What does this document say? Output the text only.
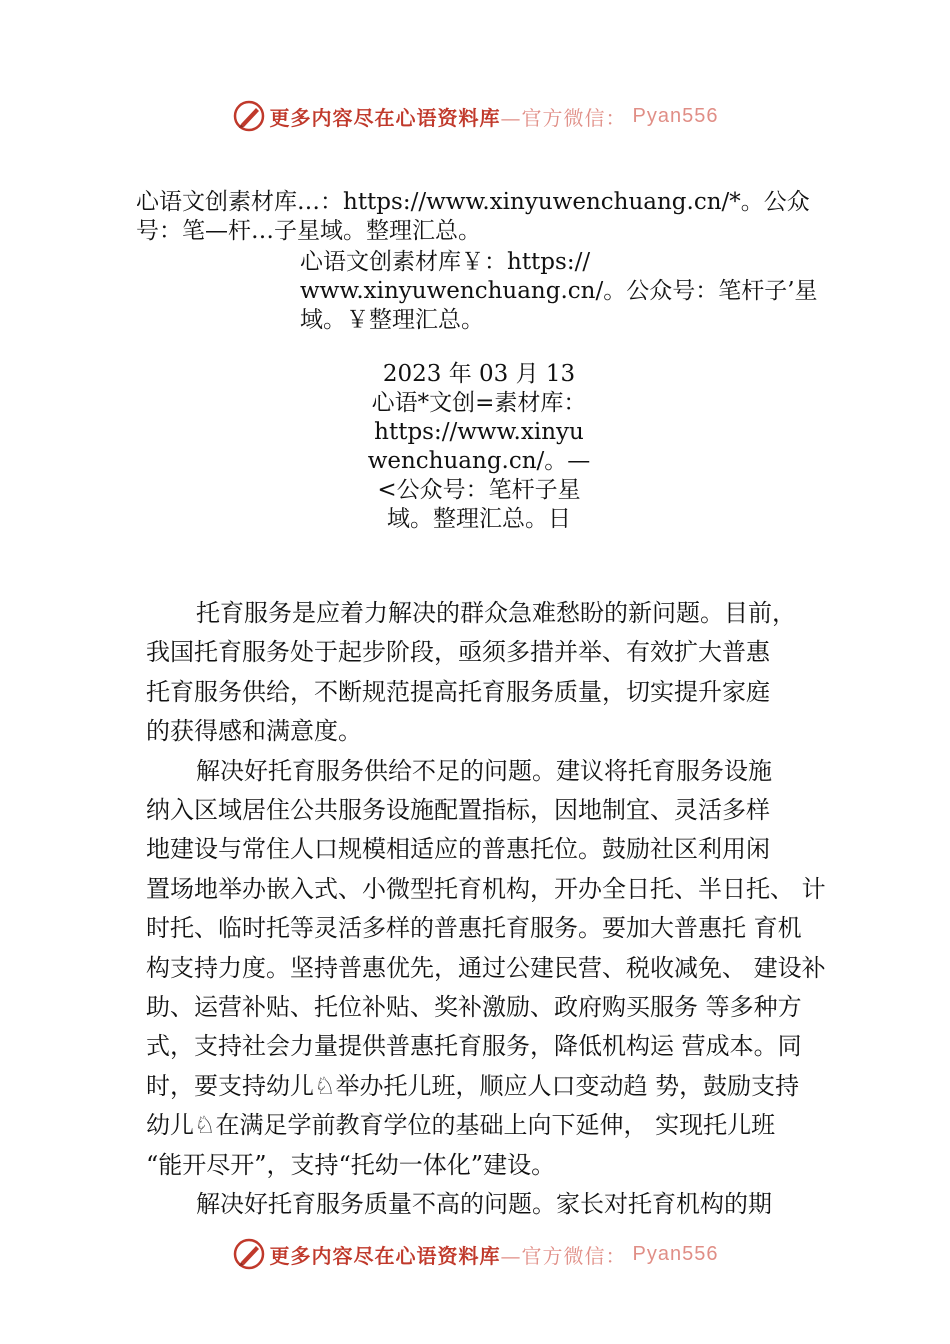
更多内容尽在心语资料库 —官方微信： Pyan556
心语文创素材库…：https://www.xinyuwenchuang.cn/*。公众
号：笔—杆…子星域。整理汇总。
心语文创素材库￥：https://
www.xinyuwenchuang.cn/。公众号：笔杆子’星
域。￥整理汇总。
2023 年 03 月 13
心语*文创=素材库：
https://www.xinyu
wenchuang.cn/。—
<公众号：笔杆子星
域。整理汇总。日
托育服务是应着力解决的群众急难愁盼的新问题。目前，
我国托育服务处于起步阶段，亟须多措并举、有效扩大普惠
托育服务供给，不断规范提高托育服务质量，切实提升家庭
的获得感和满意度。
解决好托育服务供给不足的问题。建议将托育服务设施
纳入区域居住公共服务设施配置指标，因地制宜、灵活多样
地建设与常住人口规模相适应的普惠托位。鼓励社区利用闲
置场地举办嵌入式、小微型托育机构，开办全日托、半日托、 计
时托、临时托等灵活多样的普惠托育服务。要加大普惠托 育机
构支持力度。坚持普惠优先，通过公建民营、税收减免、 建设补
助、运营补贴、托位补贴、奖补激励、政府购买服务 等多种方
式，支持社会力量提供普惠托育服务，降低机构运 营成本。同
时，要支持幼儿♘举办托儿班，顺应人口变动趋 势，鼓励支持
幼儿♘在满足学前教育学位的基础上向下延伸， 实现托儿班
“能开尽开”，支持“托幼一体化”建设。
解决好托育服务质量不高的问题。家长对托育机构的期
更多内容尽在心语资料库 —官方微信： Pyan556
